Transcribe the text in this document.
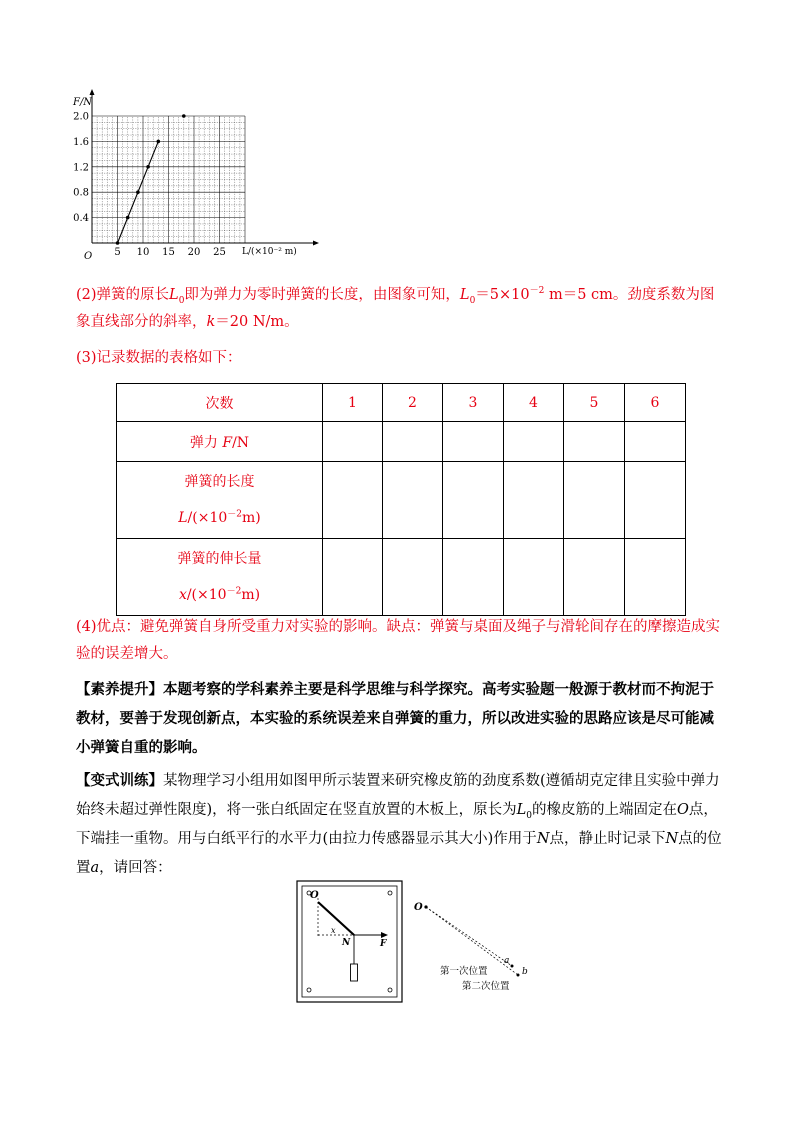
5 10 15 20 25
0.4
0.8
1.2
1.6
2.0
F/N
O	L/(×10⁻² m)
(2)弹簧的原长$L_0$即为弹力为零时弹簧的长度，由图象可知，$L_0=5\times 10^{-2}$ m＝5 cm。劲度系数为图象直线部分的斜率，k＝20 N/m。
(3)记录数据的表格如下：
次数	1	2	3	4	5	6
弹力 F/N						

弹簧的长度
$L/(\times 10^{-2}m)$						

弹簧的伸长量
$x/(\times 10^{-2}m)$						

(4)优点：避免弹簧自身所受重力对实验的影响。缺点：弹簧与桌面及绳子与滑轮间存在的摩擦造成实验的误差增大。
【素养提升】本题考察的学科素养主要是科学思维与科学探究。高考实验题一般源于教材而不拘泥于教材，要善于发现创新点，本实验的系统误差来自弹簧的重力，所以改进实验的思路应该是尽可能减小弹簧自重的影响。
【变式训练】某物理学习小组用如图甲所示装置来研究橡皮筋的劲度系数(遵循胡克定律且实验中弹力始终未超过弹性限度)，将一张白纸固定在竖直放置的木板上，原长为$L_0$的橡皮筋的上端固定在O点，下端挂一重物。用与白纸平行的水平力(由拉力传感器显示其大小)作用于N点，静止时记录下N点的位置a，请回答：
O
x
N	F
O
a
b
第一次位置
第二次位置
